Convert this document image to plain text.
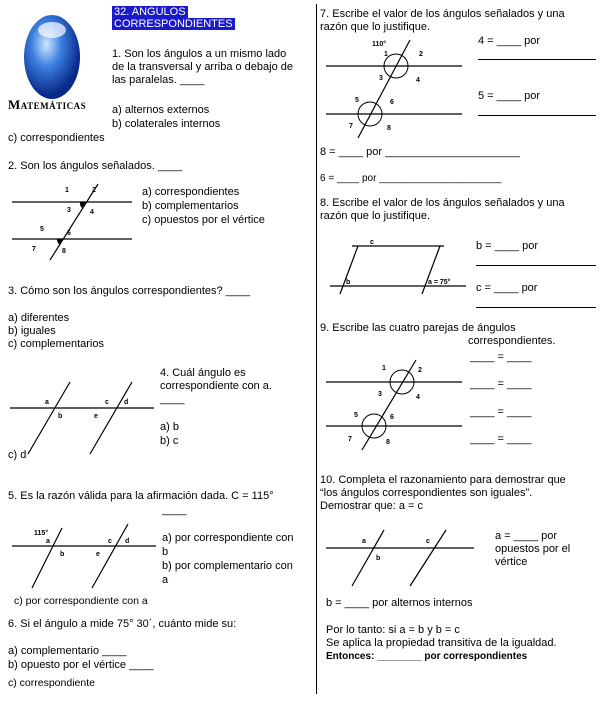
Matemáticas
32. ANGULOS
CORRESPONDIENTES
1. Son los ángulos a un mismo lado
de la transversal y arriba o debajo de
las paralelas. ____
a) alternos externos
b) colaterales internos
c) correspondientes
2. Son los ángulos señalados. ____
1	2
3	4
5
6
7	8
a) correspondientes
b) complementarios
c) opuestos por el vértice
3. Cómo son los ángulos correspondientes? ____
a) diferentes
b) iguales
c) complementarios
a
b
c d
e
4. Cuál ángulo es
correspondiente con a.
____
a) b
b) c
c) d
5. Es la razón válida para la afirmación dada. C = 115°
____
115°
a
b
c d
e
a) por correspondiente con
b
b) por complementario con
a
c) por correspondiente con a
6. Si el ángulo a mide 75° 30´, cuánto mide su:
a) complementario ____
b) opuesto por el vértice ____
c) correspondiente
7. Escribe el valor de los ángulos señalados y una
razón que lo justifique.
110°
1	2
3	4
5	6
7	8
4 = ____ por
5 = ____ por
8 = ____ por ______________________
6 = ____ por ______________________
8. Escribe el valor de los ángulos señalados y una
razón que lo justifique.
c
b	a = 75°
b = ____ por
c = ____ por
9. Escribe las cuatro parejas de ángulos
correspondientes.
1	2
3	4
5	6
7	8
____ = ____
____ = ____
____ = ____
____ = ____
10. Completa el razonamiento para demostrar que
“los ángulos correspondientes son iguales”.
Demostrar que: a = c
a
b
c	a = ____ por
opuestos por el
vértice
b = ____ por alternos internos
Por lo tanto: si a = b y b = c
Se aplica la propiedad transitiva de la igualdad.
Entonces: ________ por correspondientes
